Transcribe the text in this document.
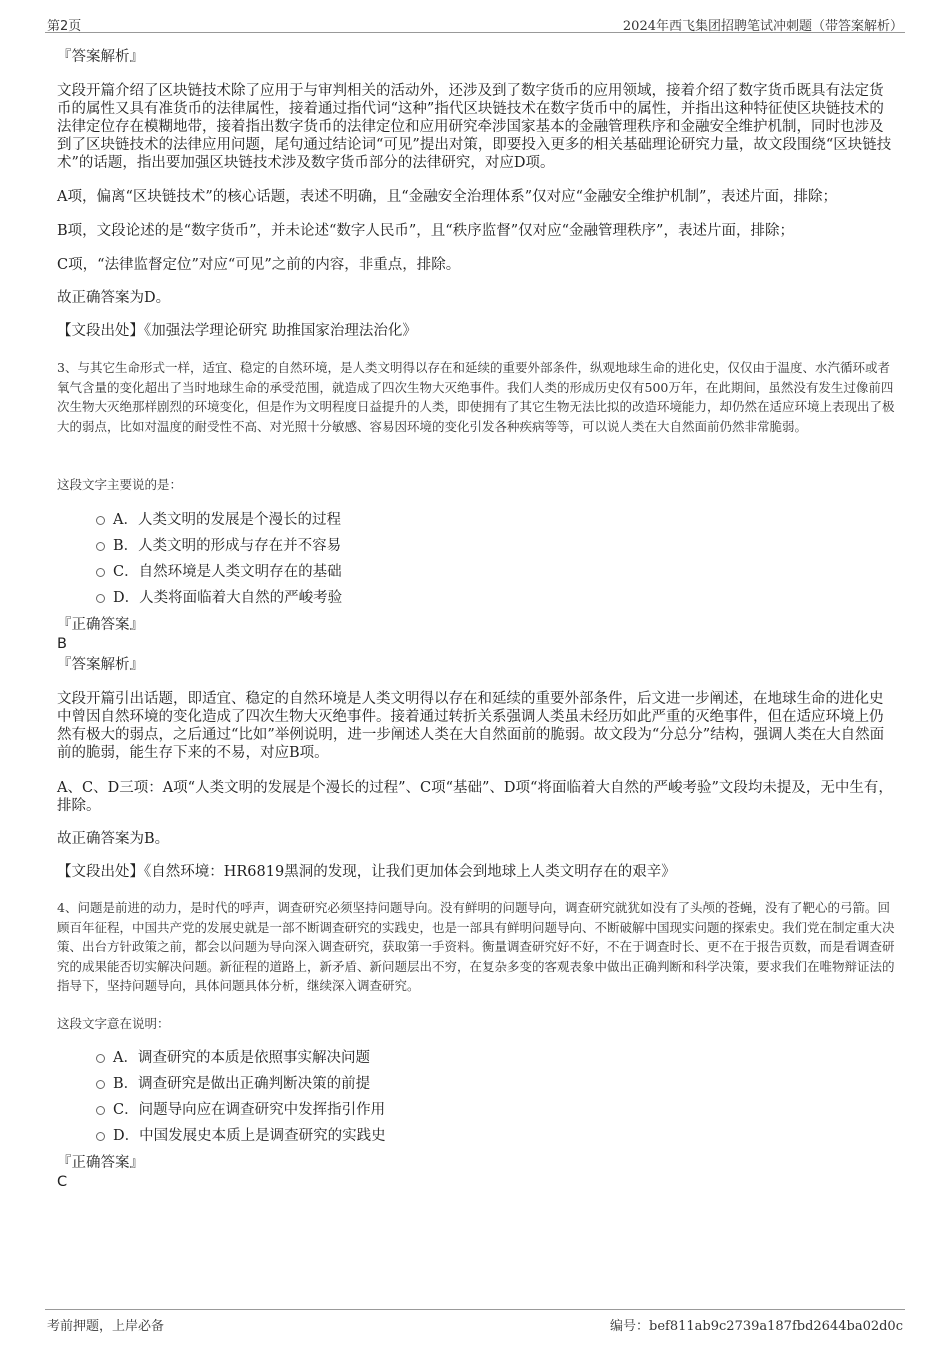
第2页	2024年西飞集团招聘笔试冲刺题（带答案解析）
『答案解析』
文段开篇介绍了区块链技术除了应用于与审判相关的活动外，还涉及到了数字货币的应用领域，接着介绍了数字货币既具有法定货币的属性又具有准货币的法律属性，接着通过指代词“这种”指代区块链技术在数字货币中的属性，并指出这种特征使区块链技术的法律定位存在模糊地带，接着指出数字货币的法律定位和应用研究牵涉国家基本的金融管理秩序和金融安全维护机制，同时也涉及到了区块链技术的法律应用问题，尾句通过结论词“可见”提出对策，即要投入更多的相关基础理论研究力量，故文段围绕“区块链技术”的话题，指出要加强区块链技术涉及数字货币部分的法律研究，对应D项。
A项，偏离“区块链技术”的核心话题，表述不明确，且“金融安全治理体系”仅对应“金融安全维护机制”，表述片面，排除；
B项，文段论述的是“数字货币”，并未论述“数字人民币”，且“秩序监督”仅对应“金融管理秩序”，表述片面，排除；
C项，“法律监督定位”对应“可见”之前的内容，非重点，排除。
故正确答案为D。
【文段出处】《加强法学理论研究 助推国家治理法治化》
3、与其它生命形式一样，适宜、稳定的自然环境，是人类文明得以存在和延续的重要外部条件，纵观地球生命的进化史，仅仅由于温度、水汽循环或者氧气含量的变化超出了当时地球生命的承受范围，就造成了四次生物大灭绝事件。我们人类的形成历史仅有500万年，在此期间，虽然没有发生过像前四次生物大灭绝那样剧烈的环境变化，但是作为文明程度日益提升的人类，即使拥有了其它生物无法比拟的改造环境能力，却仍然在适应环境上表现出了极大的弱点，比如对温度的耐受性不高、对光照十分敏感、容易因环境的变化引发各种疾病等等，可以说人类在大自然面前仍然非常脆弱。
这段文字主要说的是：
A．人类文明的发展是个漫长的过程
B．人类文明的形成与存在并不容易
C．自然环境是人类文明存在的基础
D．人类将面临着大自然的严峻考验
『正确答案』
B
『答案解析』
文段开篇引出话题，即适宜、稳定的自然环境是人类文明得以存在和延续的重要外部条件，后文进一步阐述，在地球生命的进化史中曾因自然环境的变化造成了四次生物大灭绝事件。接着通过转折关系强调人类虽未经历如此严重的灭绝事件，但在适应环境上仍然有极大的弱点，之后通过“比如”举例说明，进一步阐述人类在大自然面前的脆弱。故文段为“分总分”结构，强调人类在大自然面前的脆弱，能生存下来的不易，对应B项。
A、C、D三项：A项“人类文明的发展是个漫长的过程”、C项“基础”、D项“将面临着大自然的严峻考验”文段均未提及，无中生有，排除。
故正确答案为B。
【文段出处】《自然环境：HR6819黑洞的发现，让我们更加体会到地球上人类文明存在的艰辛》
4、问题是前进的动力，是时代的呼声，调查研究必须坚持问题导向。没有鲜明的问题导向，调查研究就犹如没有了头颅的苍蝇，没有了靶心的弓箭。回顾百年征程，中国共产党的发展史就是一部不断调查研究的实践史，也是一部具有鲜明问题导向、不断破解中国现实问题的探索史。我们党在制定重大决策、出台方针政策之前，都会以问题为导向深入调查研究，获取第一手资料。衡量调查研究好不好，不在于调查时长、更不在于报告页数，而是看调查研究的成果能否切实解决问题。新征程的道路上，新矛盾、新问题层出不穷，在复杂多变的客观表象中做出正确判断和科学决策，要求我们在唯物辩证法的指导下，坚持问题导向，具体问题具体分析，继续深入调查研究。
这段文字意在说明：
A．调查研究的本质是依照事实解决问题
B．调查研究是做出正确判断决策的前提
C．问题导向应在调查研究中发挥指引作用
D．中国发展史本质上是调查研究的实践史
『正确答案』
C
考前押题，上岸必备	编号：bef811ab9c2739a187fbd2644ba02d0c
